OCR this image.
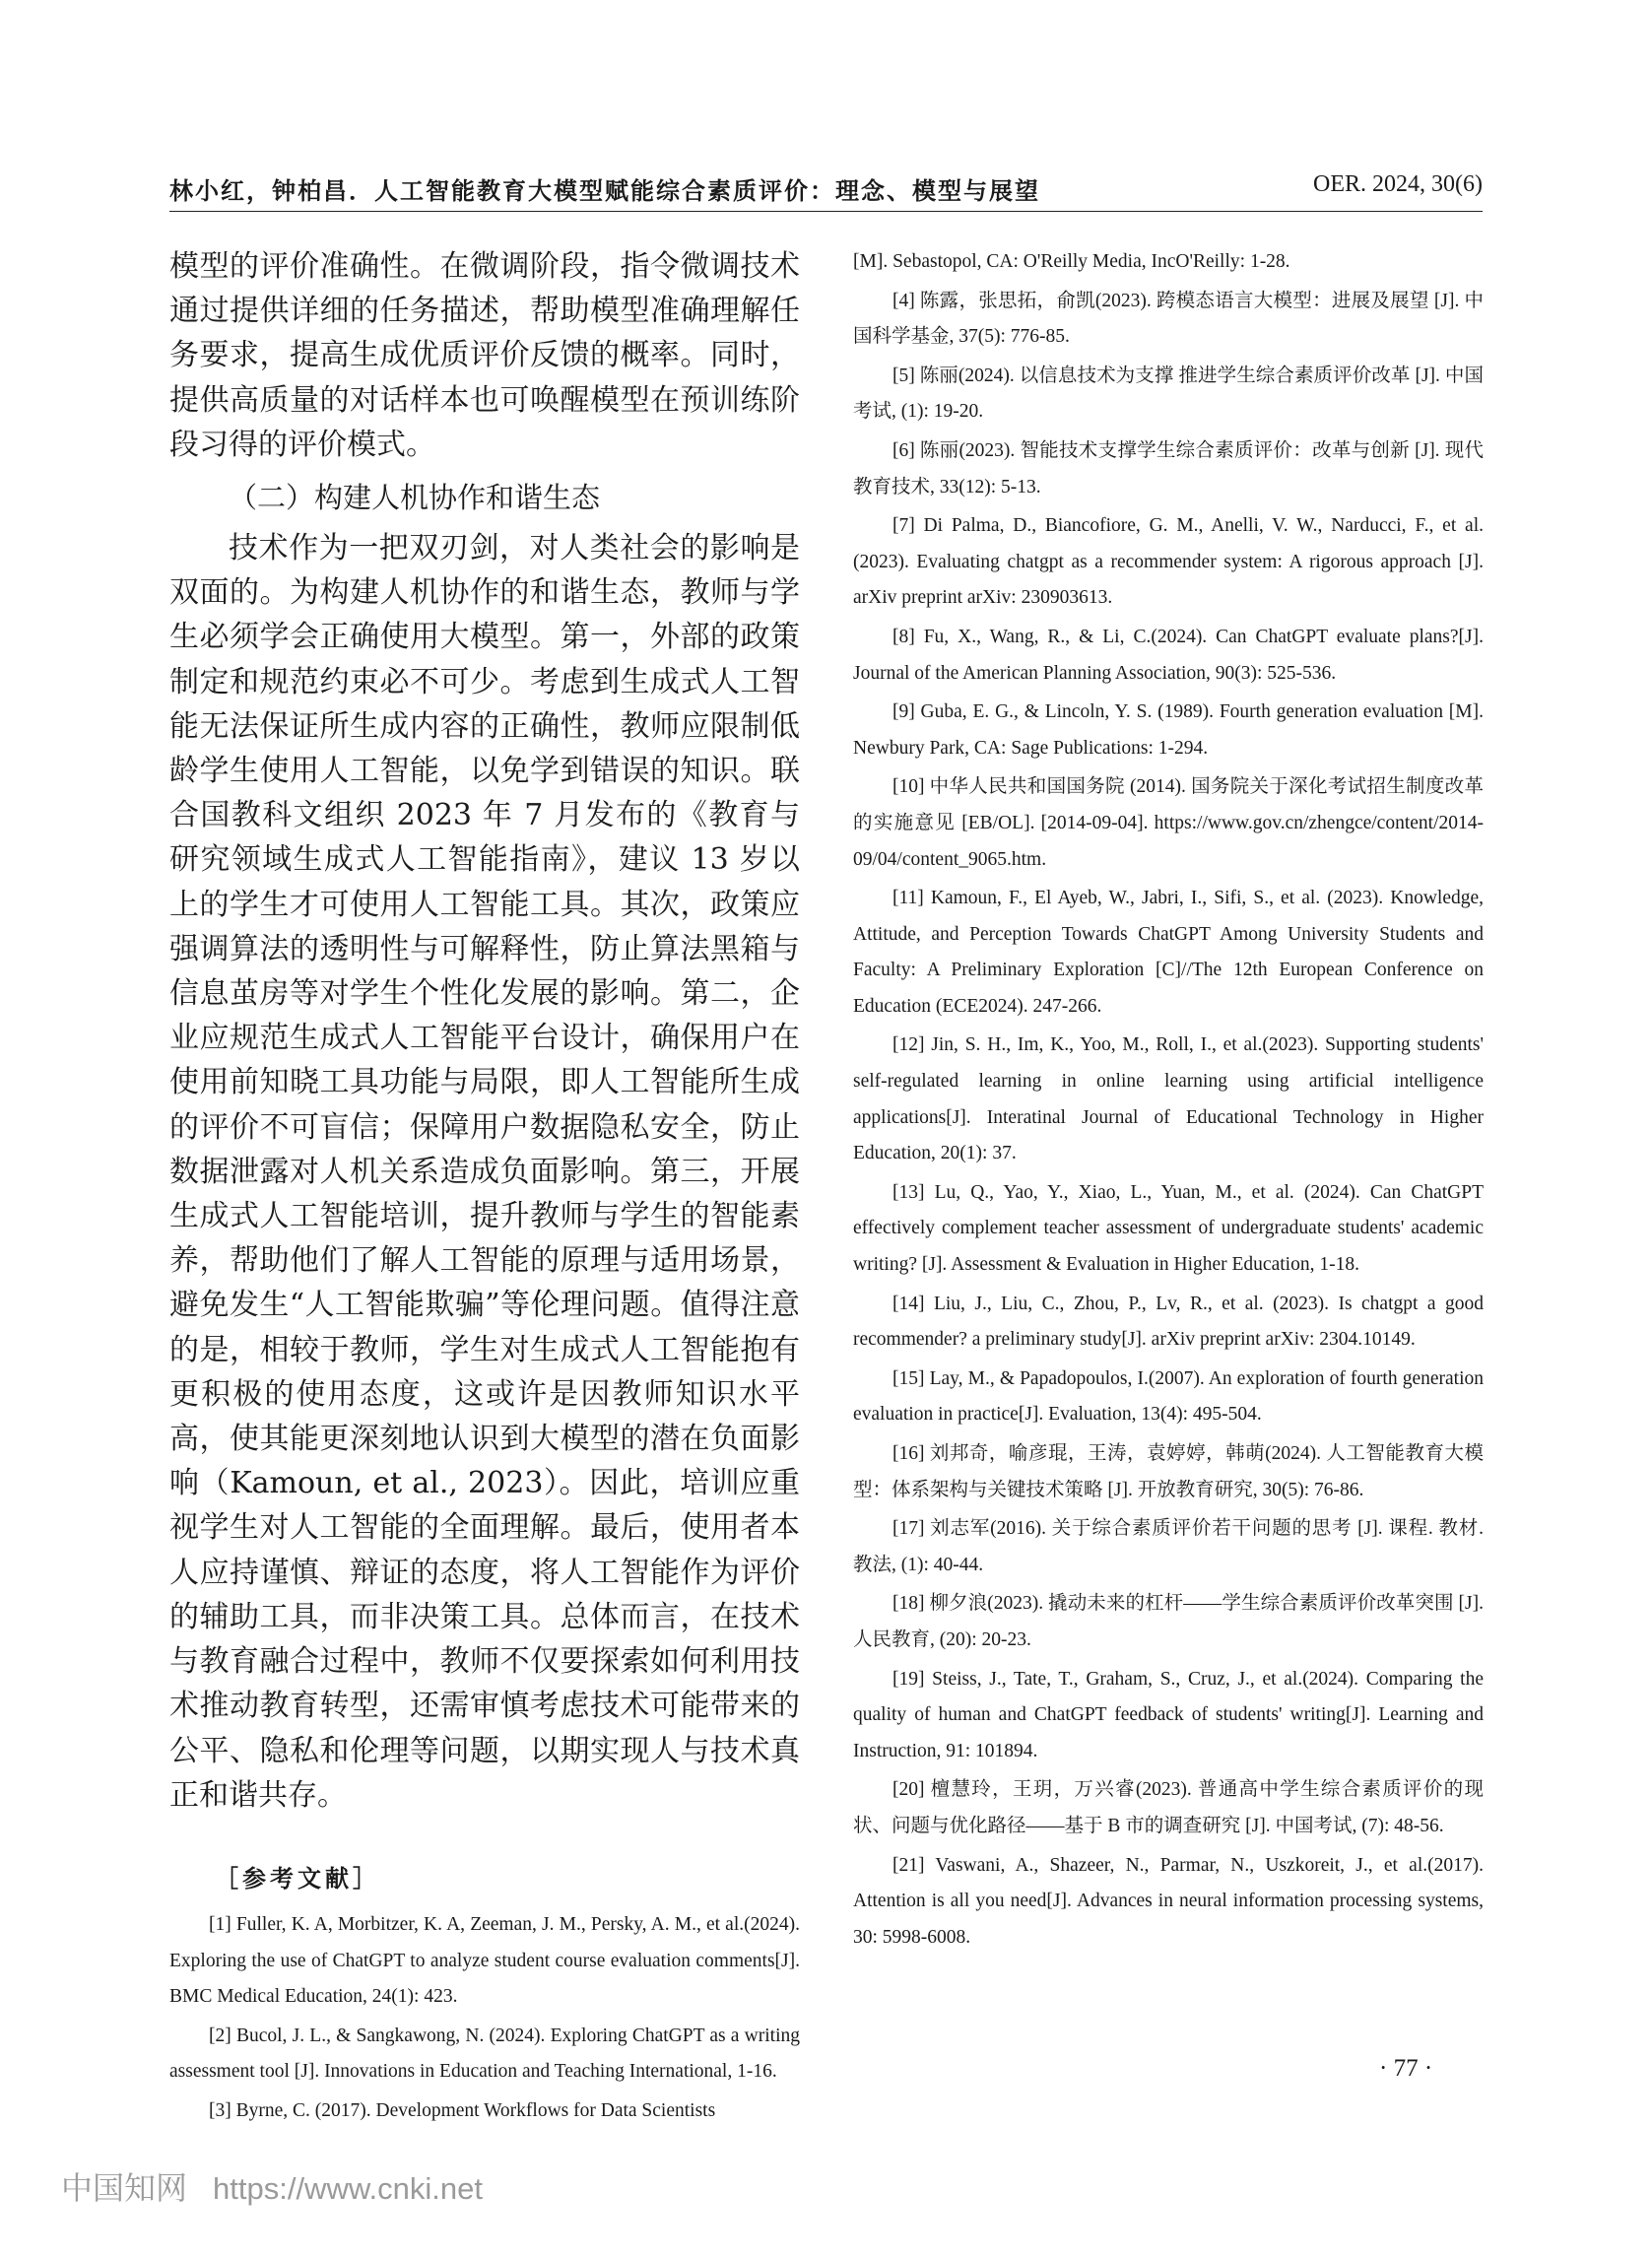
林小红，钟柏昌．人工智能教育大模型赋能综合素质评价：理念、模型与展望	OER. 2024, 30(6)

模型的评价准确性。在微调阶段，指令微调技术通过提供详细的任务描述，帮助模型准确理解任务要求，提高生成优质评价反馈的概率。同时，提供高质量的对话样本也可唤醒模型在预训练阶段习得的评价模式。

（二）构建人机协作和谐生态

技术作为一把双刃剑，对人类社会的影响是双面的。为构建人机协作的和谐生态，教师与学生必须学会正确使用大模型。第一，外部的政策制定和规范约束必不可少。考虑到生成式人工智能无法保证所生成内容的正确性，教师应限制低龄学生使用人工智能，以免学到错误的知识。联合国教科文组织 2023 年 7 月发布的《教育与研究领域生成式人工智能指南》，建议 13 岁以上的学生才可使用人工智能工具。其次，政策应强调算法的透明性与可解释性，防止算法黑箱与信息茧房等对学生个性化发展的影响。第二，企业应规范生成式人工智能平台设计，确保用户在使用前知晓工具功能与局限，即人工智能所生成的评价不可盲信；保障用户数据隐私安全，防止数据泄露对人机关系造成负面影响。第三，开展生成式人工智能培训，提升教师与学生的智能素养，帮助他们了解人工智能的原理与适用场景，避免发生“人工智能欺骗”等伦理问题。值得注意的是，相较于教师，学生对生成式人工智能抱有更积极的使用态度，这或许是因教师知识水平高，使其能更深刻地认识到大模型的潜在负面影响（Kamoun, et al., 2023）。因此，培训应重视学生对人工智能的全面理解。最后，使用者本人应持谨慎、辩证的态度，将人工智能作为评价的辅助工具，而非决策工具。总体而言，在技术与教育融合过程中，教师不仅要探索如何利用技术推动教育转型，还需审慎考虑技术可能带来的公平、隐私和伦理等问题，以期实现人与技术真正和谐共存。

［参考文献］

[1] Fuller, K. A, Morbitzer, K. A, Zeeman, J. M., Persky, A. M., et al.(2024). Exploring the use of ChatGPT to analyze student course evaluation comments[J]. BMC Medical Education, 24(1): 423.

[2] Bucol, J. L., & Sangkawong, N. (2024). Exploring ChatGPT as a writing assessment tool [J]. Innovations in Education and Teaching International, 1-16.

[3] Byrne, C. (2017). Development Workflows for Data Scientists

[M]. Sebastopol, CA: O'Reilly Media, IncO'Reilly: 1-28.

[4] 陈露，张思拓，俞凯(2023). 跨模态语言大模型：进展及展望 [J]. 中国科学基金, 37(5): 776-85.

[5] 陈丽(2024). 以信息技术为支撑 推进学生综合素质评价改革 [J]. 中国考试, (1): 19-20.

[6] 陈丽(2023). 智能技术支撑学生综合素质评价：改革与创新 [J]. 现代教育技术, 33(12): 5-13.

[7] Di Palma, D., Biancofiore, G. M., Anelli, V. W., Narducci, F., et al. (2023). Evaluating chatgpt as a recommender system: A rigorous approach [J]. arXiv preprint arXiv: 230903613.

[8] Fu, X., Wang, R., & Li, C.(2024). Can ChatGPT evaluate plans?[J]. Journal of the American Planning Association, 90(3): 525-536.

[9] Guba, E. G., & Lincoln, Y. S. (1989). Fourth generation evaluation [M]. Newbury Park, CA: Sage Publications: 1-294.

[10] 中华人民共和国国务院 (2014). 国务院关于深化考试招生制度改革的实施意见 [EB/OL]. [2014-09-04]. https://www.gov.cn/zhengce/content/2014-09/04/content_9065.htm.

[11] Kamoun, F., El Ayeb, W., Jabri, I., Sifi, S., et al. (2023). Knowledge, Attitude, and Perception Towards ChatGPT Among University Students and Faculty: A Preliminary Exploration [C]//The 12th European Conference on Education (ECE2024). 247-266.

[12] Jin, S. H., Im, K., Yoo, M., Roll, I., et al.(2023). Supporting students' self-regulated learning in online learning using artificial intelligence applications[J]. Interatinal Journal of Educational Technology in Higher Education, 20(1): 37.

[13] Lu, Q., Yao, Y., Xiao, L., Yuan, M., et al. (2024). Can ChatGPT effectively complement teacher assessment of undergraduate students' academic writing? [J]. Assessment & Evaluation in Higher Education, 1-18.

[14] Liu, J., Liu, C., Zhou, P., Lv, R., et al. (2023). Is chatgpt a good recommender? a preliminary study[J]. arXiv preprint arXiv: 2304.10149.

[15] Lay, M., & Papadopoulos, I.(2007). An exploration of fourth generation evaluation in practice[J]. Evaluation, 13(4): 495-504.

[16] 刘邦奇，喻彦琨，王涛，袁婷婷，韩萌(2024). 人工智能教育大模型：体系架构与关键技术策略 [J]. 开放教育研究, 30(5): 76-86.

[17] 刘志军(2016). 关于综合素质评价若干问题的思考 [J]. 课程. 教材. 教法, (1): 40-44.

[18] 柳夕浪(2023). 撬动未来的杠杆——学生综合素质评价改革突围 [J]. 人民教育, (20): 20-23.

[19] Steiss, J., Tate, T., Graham, S., Cruz, J., et al.(2024). Comparing the quality of human and ChatGPT feedback of students' writing[J]. Learning and Instruction, 91: 101894.

[20] 檀慧玲，王玥，万兴睿(2023). 普通高中学生综合素质评价的现状、问题与优化路径——基于 B 市的调查研究 [J]. 中国考试, (7): 48-56.

[21] Vaswani, A., Shazeer, N., Parmar, N., Uszkoreit, J., et al.(2017). Attention is all you need[J]. Advances in neural information processing systems, 30: 5998-6008.

· 77 ·
中国知网 https://www.cnki.net
